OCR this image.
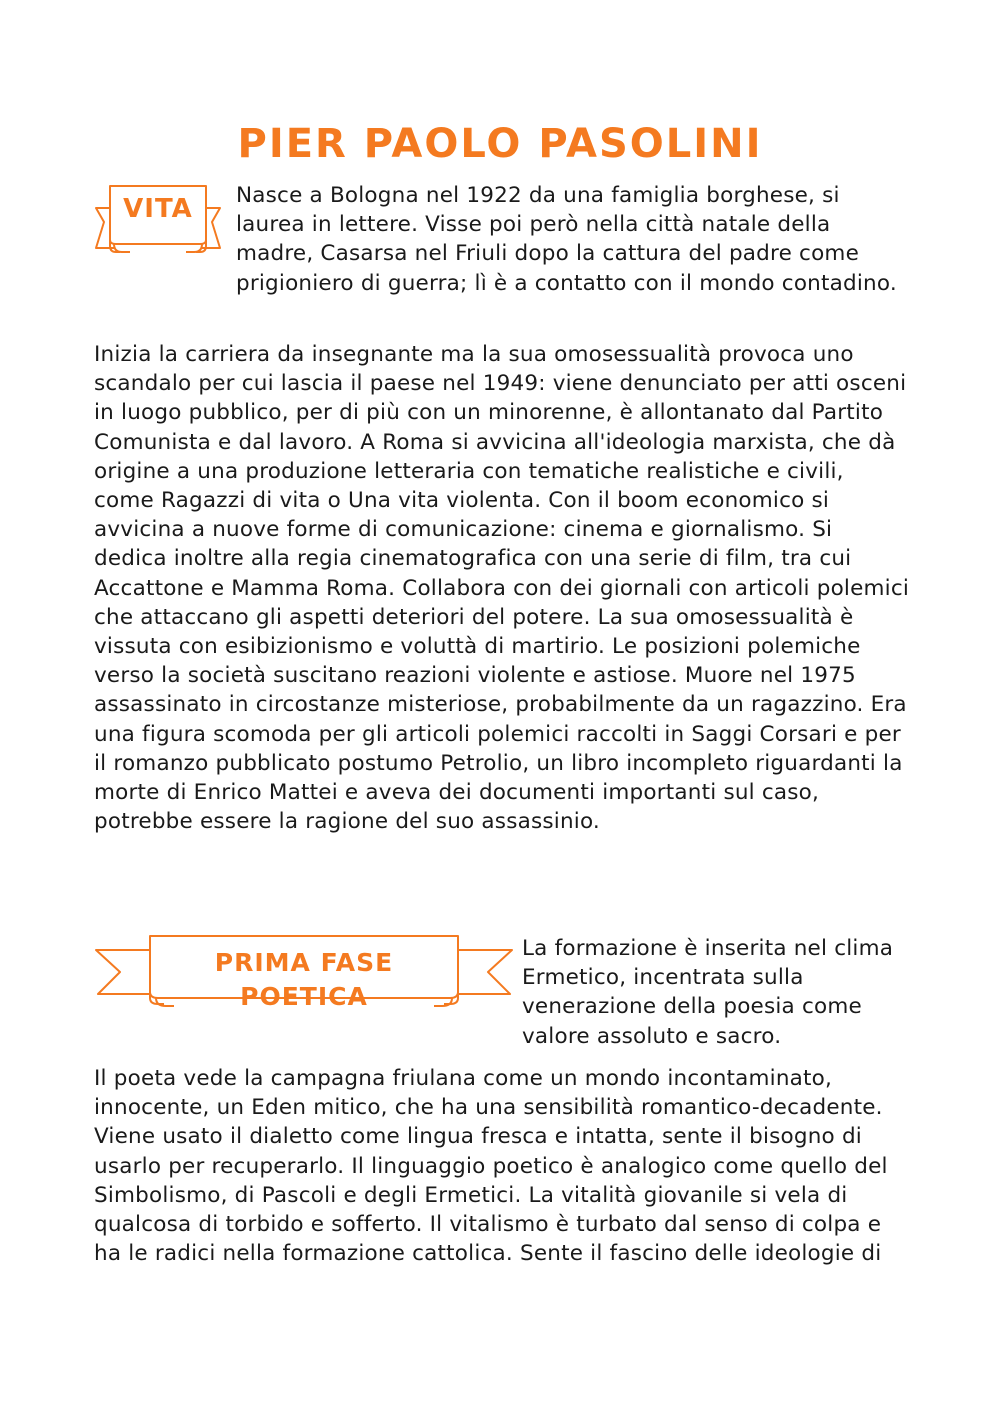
PIER PAOLO PASOLINI
VITA	Nasce a Bologna nel 1922 da una famiglia borghese, si laurea in lettere. Visse poi però nella città natale della madre, Casarsa nel Friuli dopo la cattura del padre come prigioniero di guerra; lì è a contatto con il mondo contadino.

Inizia la carriera da insegnante ma la sua omosessualità provoca uno scandalo per cui lascia il paese nel 1949: viene denunciato per atti osceni in luogo pubblico, per di più con un minorenne, è allontanato dal Partito Comunista e dal lavoro. A Roma si avvicina all'ideologia marxista, che dà origine a una produzione letteraria con tematiche realistiche e civili, come Ragazzi di vita o Una vita violenta. Con il boom economico si avvicina a nuove forme di comunicazione: cinema e giornalismo. Si dedica inoltre alla regia cinematografica con una serie di film, tra cui Accattone e Mamma Roma. Collabora con dei giornali con articoli polemici che attaccano gli aspetti deteriori del potere. La sua omosessualità è vissuta con esibizionismo e voluttà di martirio. Le posizioni polemiche verso la società suscitano reazioni violente e astiose. Muore nel 1975 assassinato in circostanze misteriose, probabilmente da un ragazzino. Era una figura scomoda per gli articoli polemici raccolti in Saggi Corsari e per il romanzo pubblicato postumo Petrolio, un libro incompleto riguardanti la morte di Enrico Mattei e aveva dei documenti importanti sul caso, potrebbe essere la ragione del suo assassinio.

PRIMA FASE POETICA

La formazione è inserita nel clima Ermetico, incentrata sulla venerazione della poesia come valore assoluto e sacro.

Il poeta vede la campagna friulana come un mondo incontaminato, innocente, un Eden mitico, che ha una sensibilità romantico-decadente. Viene usato il dialetto come lingua fresca e intatta, sente il bisogno di usarlo per recuperarlo. Il linguaggio poetico è analogico come quello del Simbolismo, di Pascoli e degli Ermetici. La vitalità giovanile si vela di qualcosa di torbido e sofferto. Il vitalismo è turbato dal senso di colpa e ha le radici nella formazione cattolica. Sente il fascino delle ideologie di
